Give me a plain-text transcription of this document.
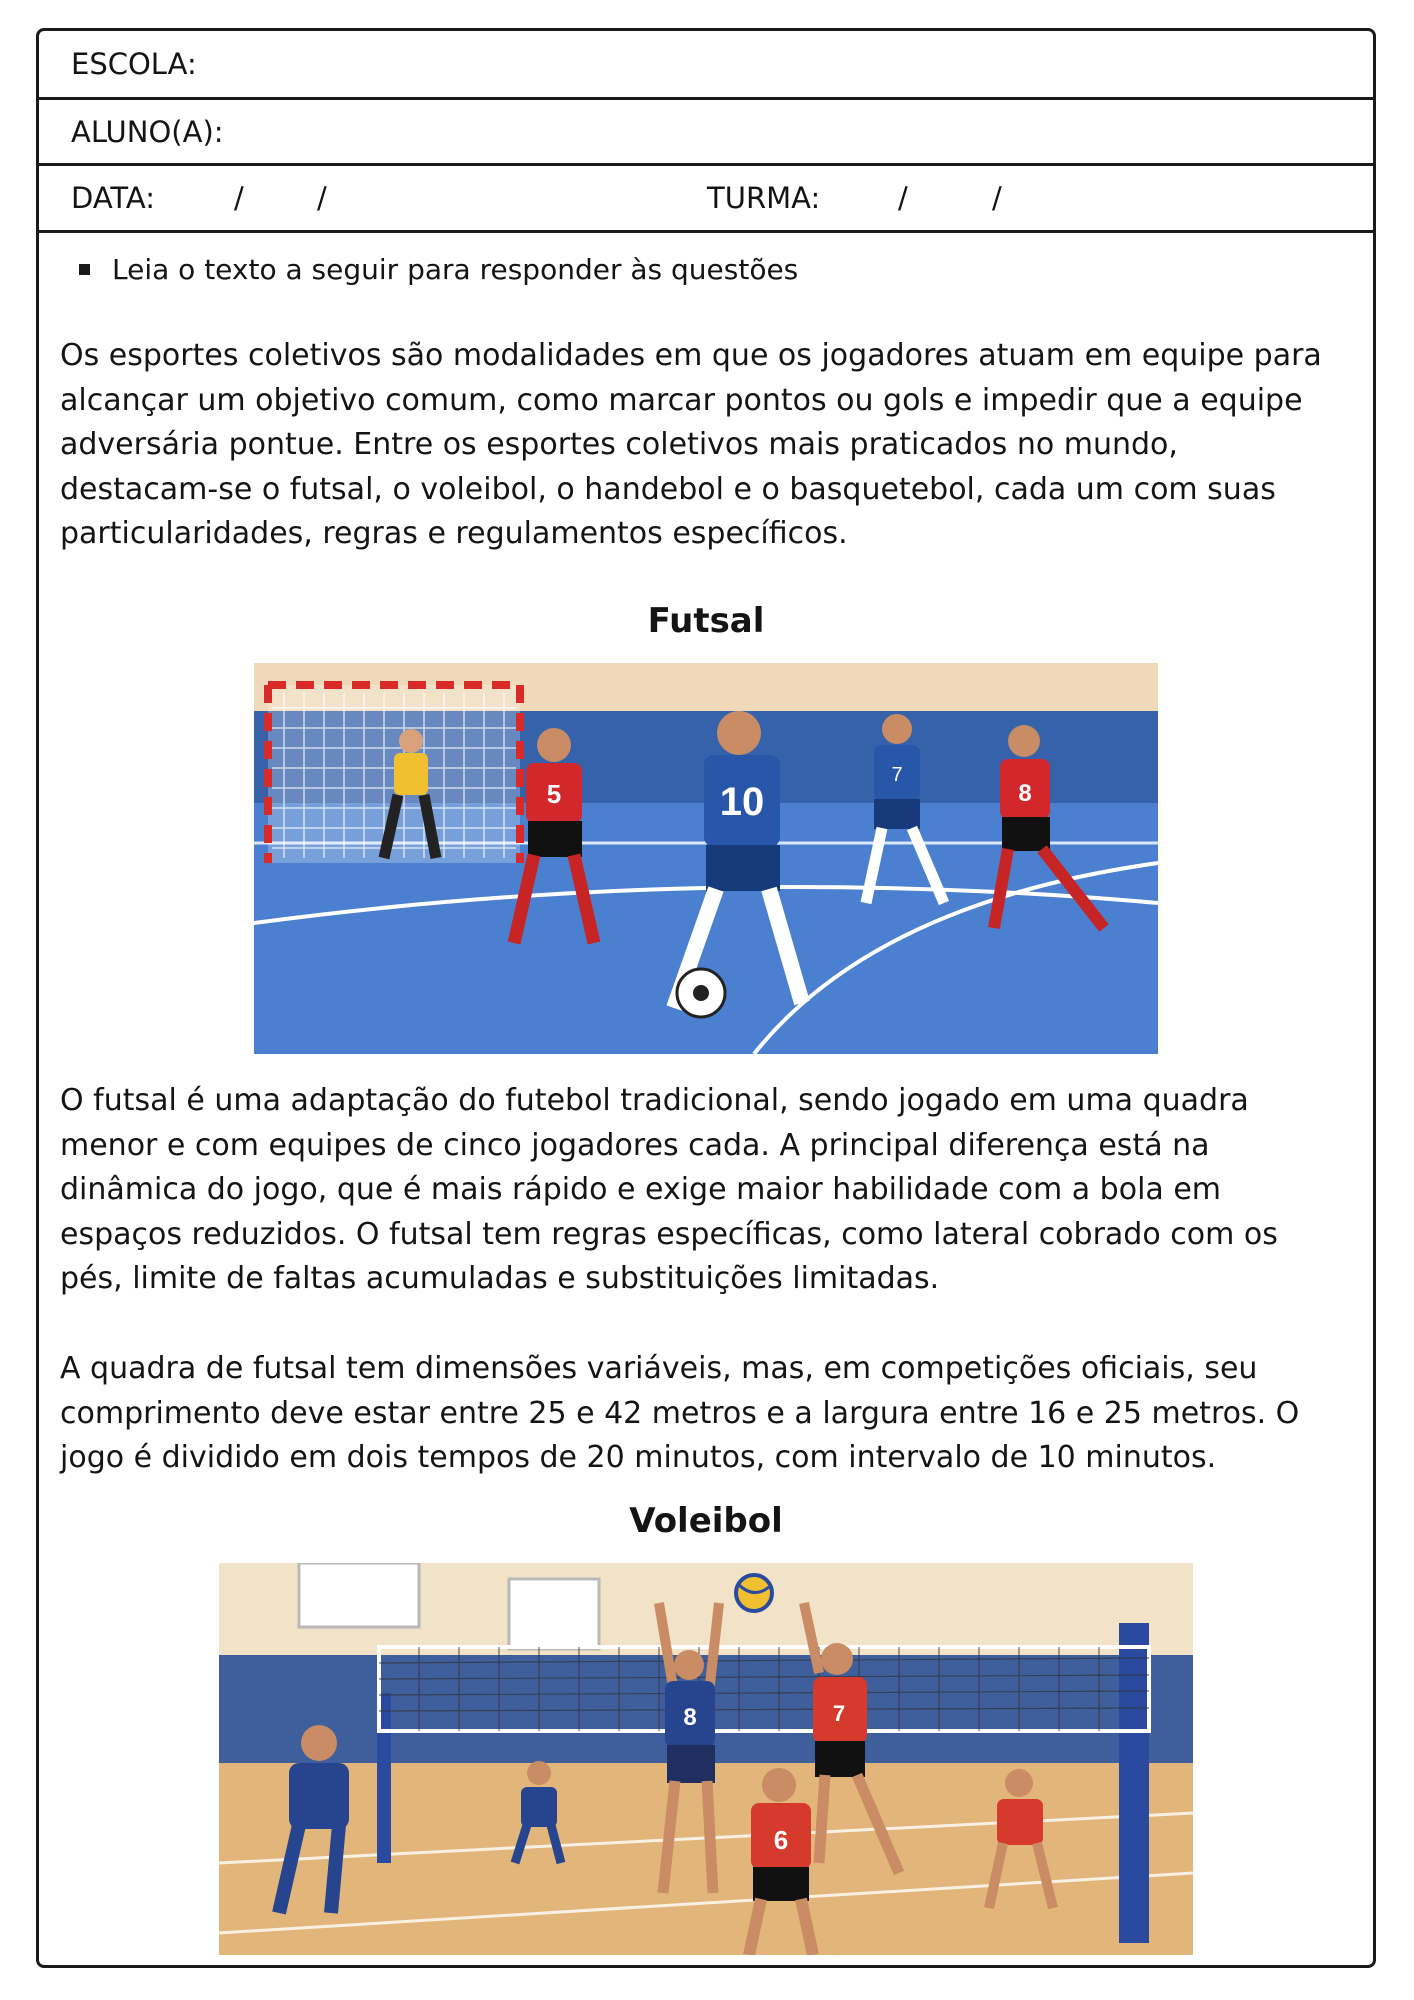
ESCOLA:
ALUNO(A):
DATA:	/	/	TURMA:	/	/
Leia o texto a seguir para responder às questões
Os esportes coletivos são modalidades em que os jogadores atuam em equipe para
alcançar um objetivo comum, como marcar pontos ou gols e impedir que a equipe
adversária pontue. Entre os esportes coletivos mais praticados no mundo,
destacam-se o futsal, o voleibol, o handebol e o basquetebol, cada um com suas
particularidades, regras e regulamentos específicos.
Futsal
5	10
7
8
O futsal é uma adaptação do futebol tradicional, sendo jogado em uma quadra
menor e com equipes de cinco jogadores cada. A principal diferença está na
dinâmica do jogo, que é mais rápido e exige maior habilidade com a bola em
espaços reduzidos. O futsal tem regras específicas, como lateral cobrado com os
pés, limite de faltas acumuladas e substituições limitadas.
A quadra de futsal tem dimensões variáveis, mas, em competições oficiais, seu
comprimento deve estar entre 25 e 42 metros e a largura entre 16 e 25 metros. O
jogo é dividido em dois tempos de 20 minutos, com intervalo de 10 minutos.
Voleibol
8	7
6
